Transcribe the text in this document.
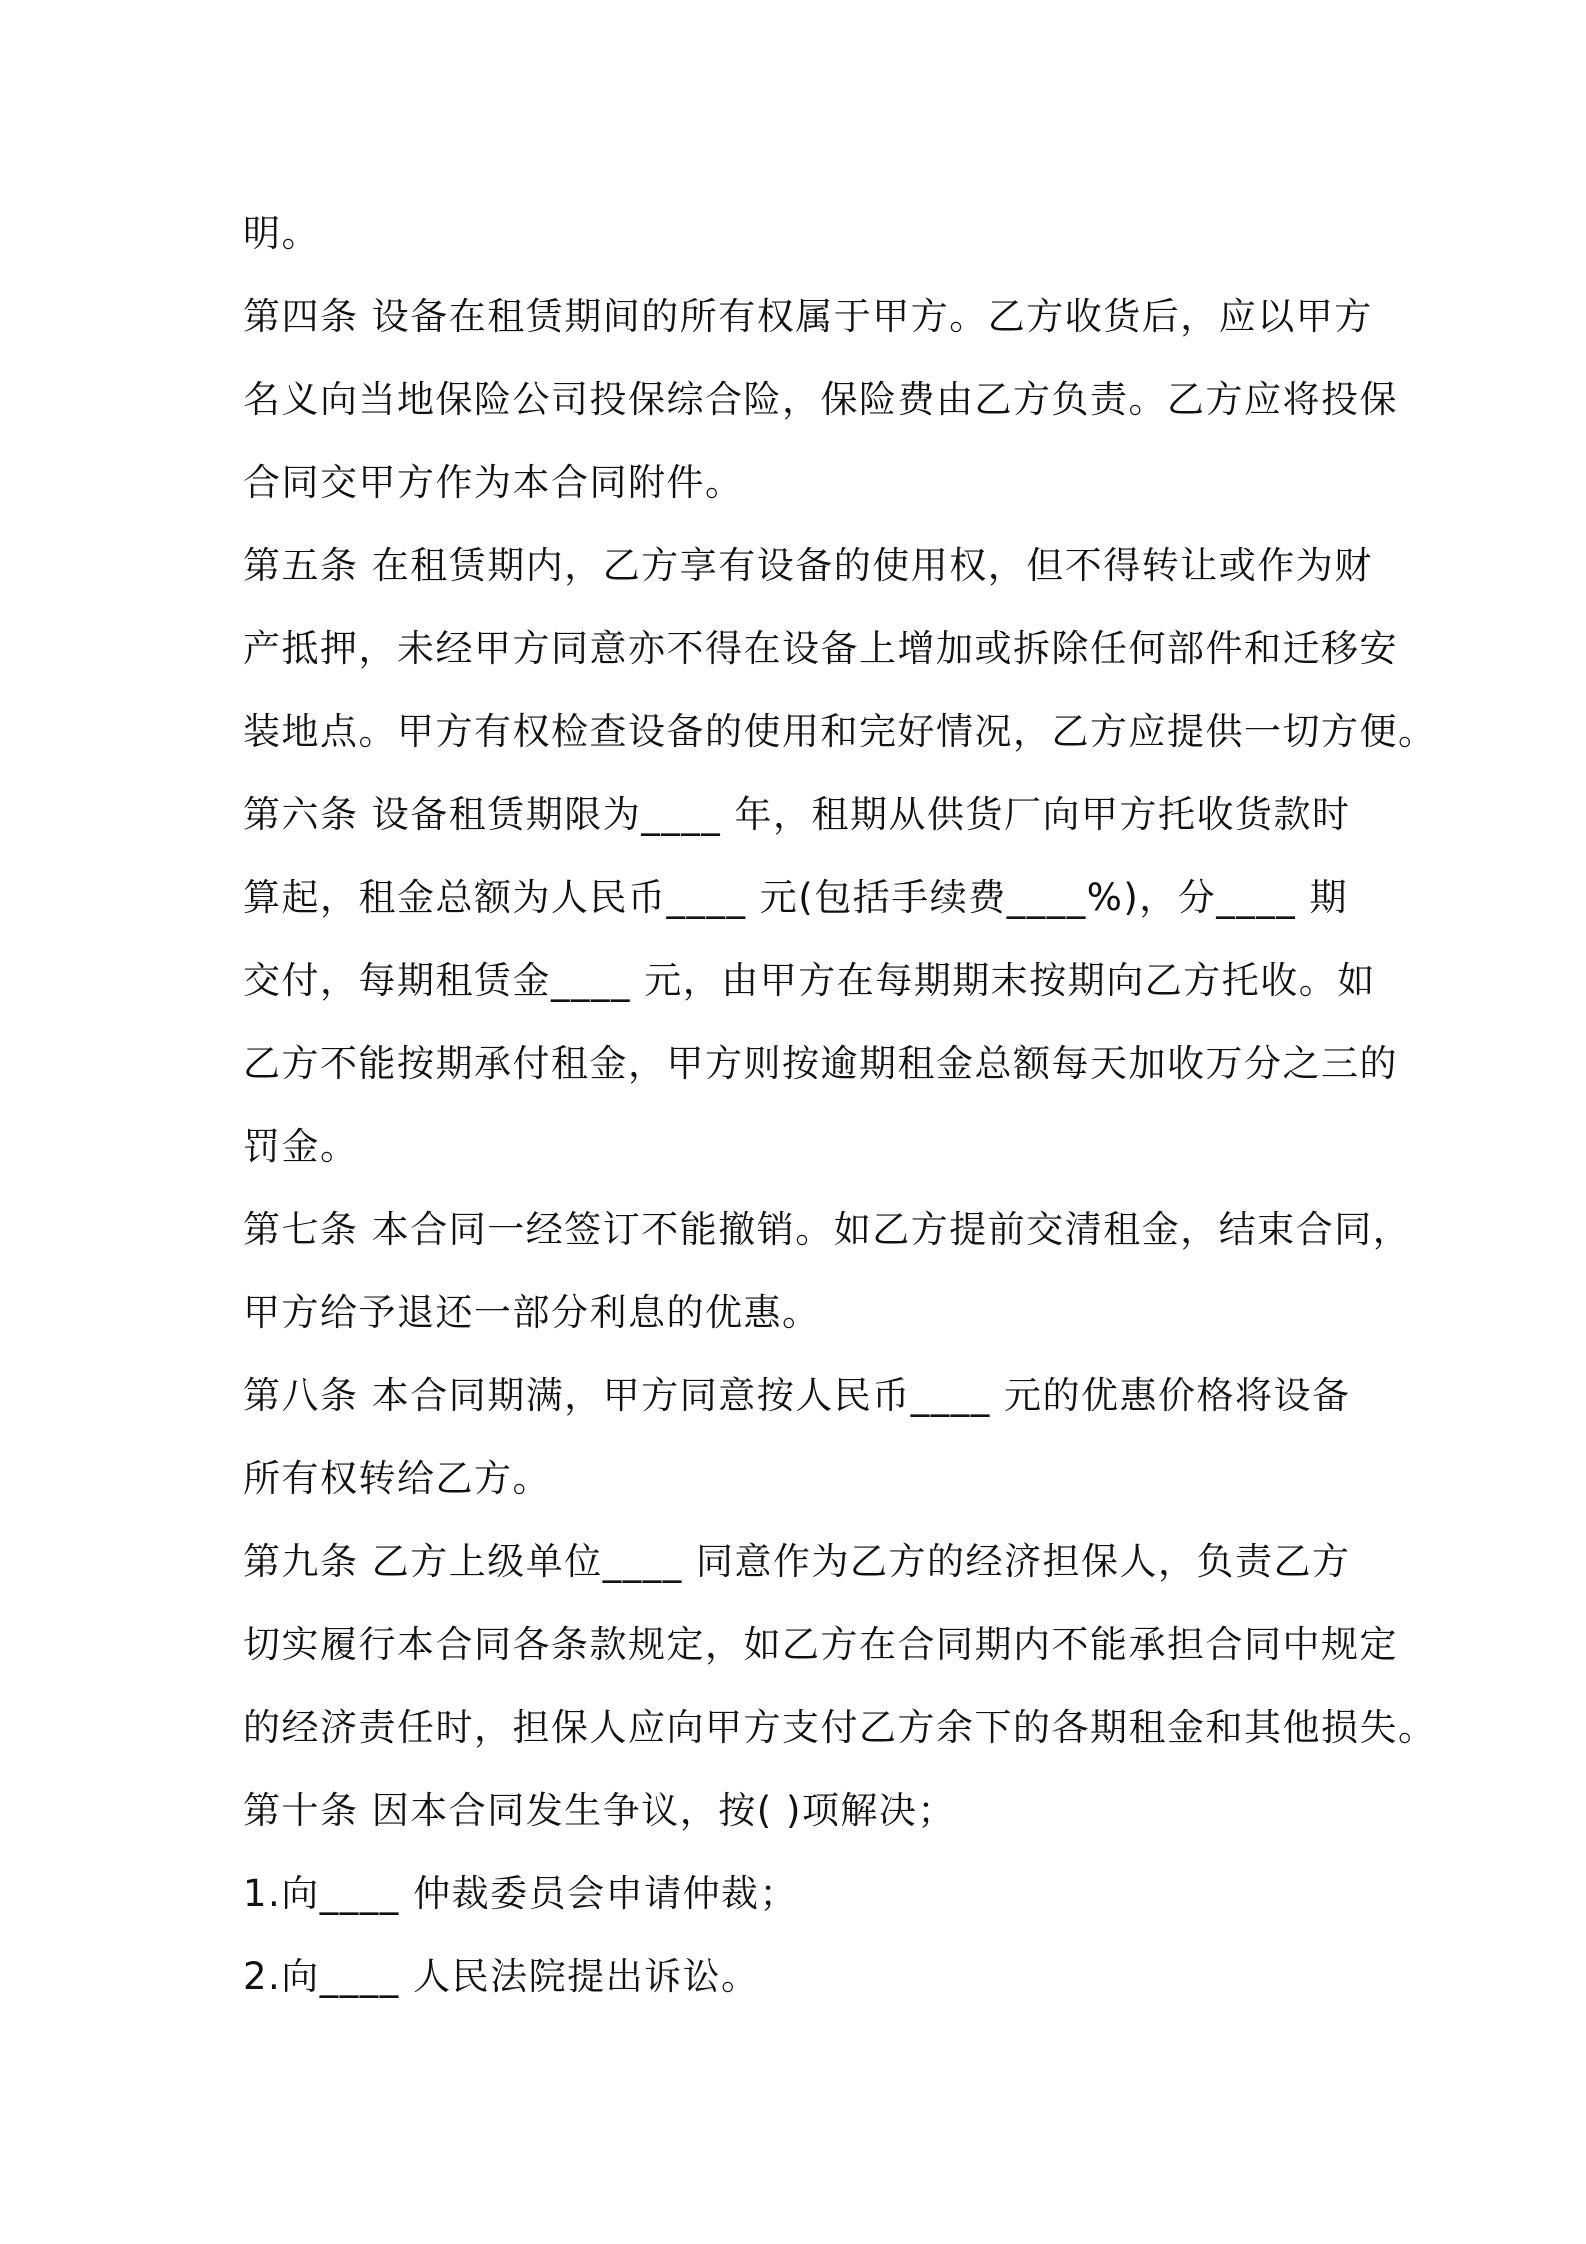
明。
第四条 设备在租赁期间的所有权属于甲方。乙方收货后，应以甲方
名义向当地保险公司投保综合险，保险费由乙方负责。乙方应将投保
合同交甲方作为本合同附件。
第五条 在租赁期内，乙方享有设备的使用权，但不得转让或作为财
产抵押，未经甲方同意亦不得在设备上增加或拆除任何部件和迁移安
装地点。甲方有权检查设备的使用和完好情况，乙方应提供一切方便。
第六条 设备租赁期限为____ 年，租期从供货厂向甲方托收货款时
算起，租金总额为人民币____ 元(包括手续费____%)，分____ 期
交付，每期租赁金____ 元，由甲方在每期期末按期向乙方托收。如
乙方不能按期承付租金，甲方则按逾期租金总额每天加收万分之三的
罚金。
第七条 本合同一经签订不能撤销。如乙方提前交清租金，结束合同，
甲方给予退还一部分利息的优惠。
第八条 本合同期满，甲方同意按人民币____ 元的优惠价格将设备
所有权转给乙方。
第九条 乙方上级单位____ 同意作为乙方的经济担保人，负责乙方
切实履行本合同各条款规定，如乙方在合同期内不能承担合同中规定
的经济责任时，担保人应向甲方支付乙方余下的各期租金和其他损失。
第十条 因本合同发生争议，按( )项解决；
1.向____ 仲裁委员会申请仲裁；
2.向____ 人民法院提出诉讼。
